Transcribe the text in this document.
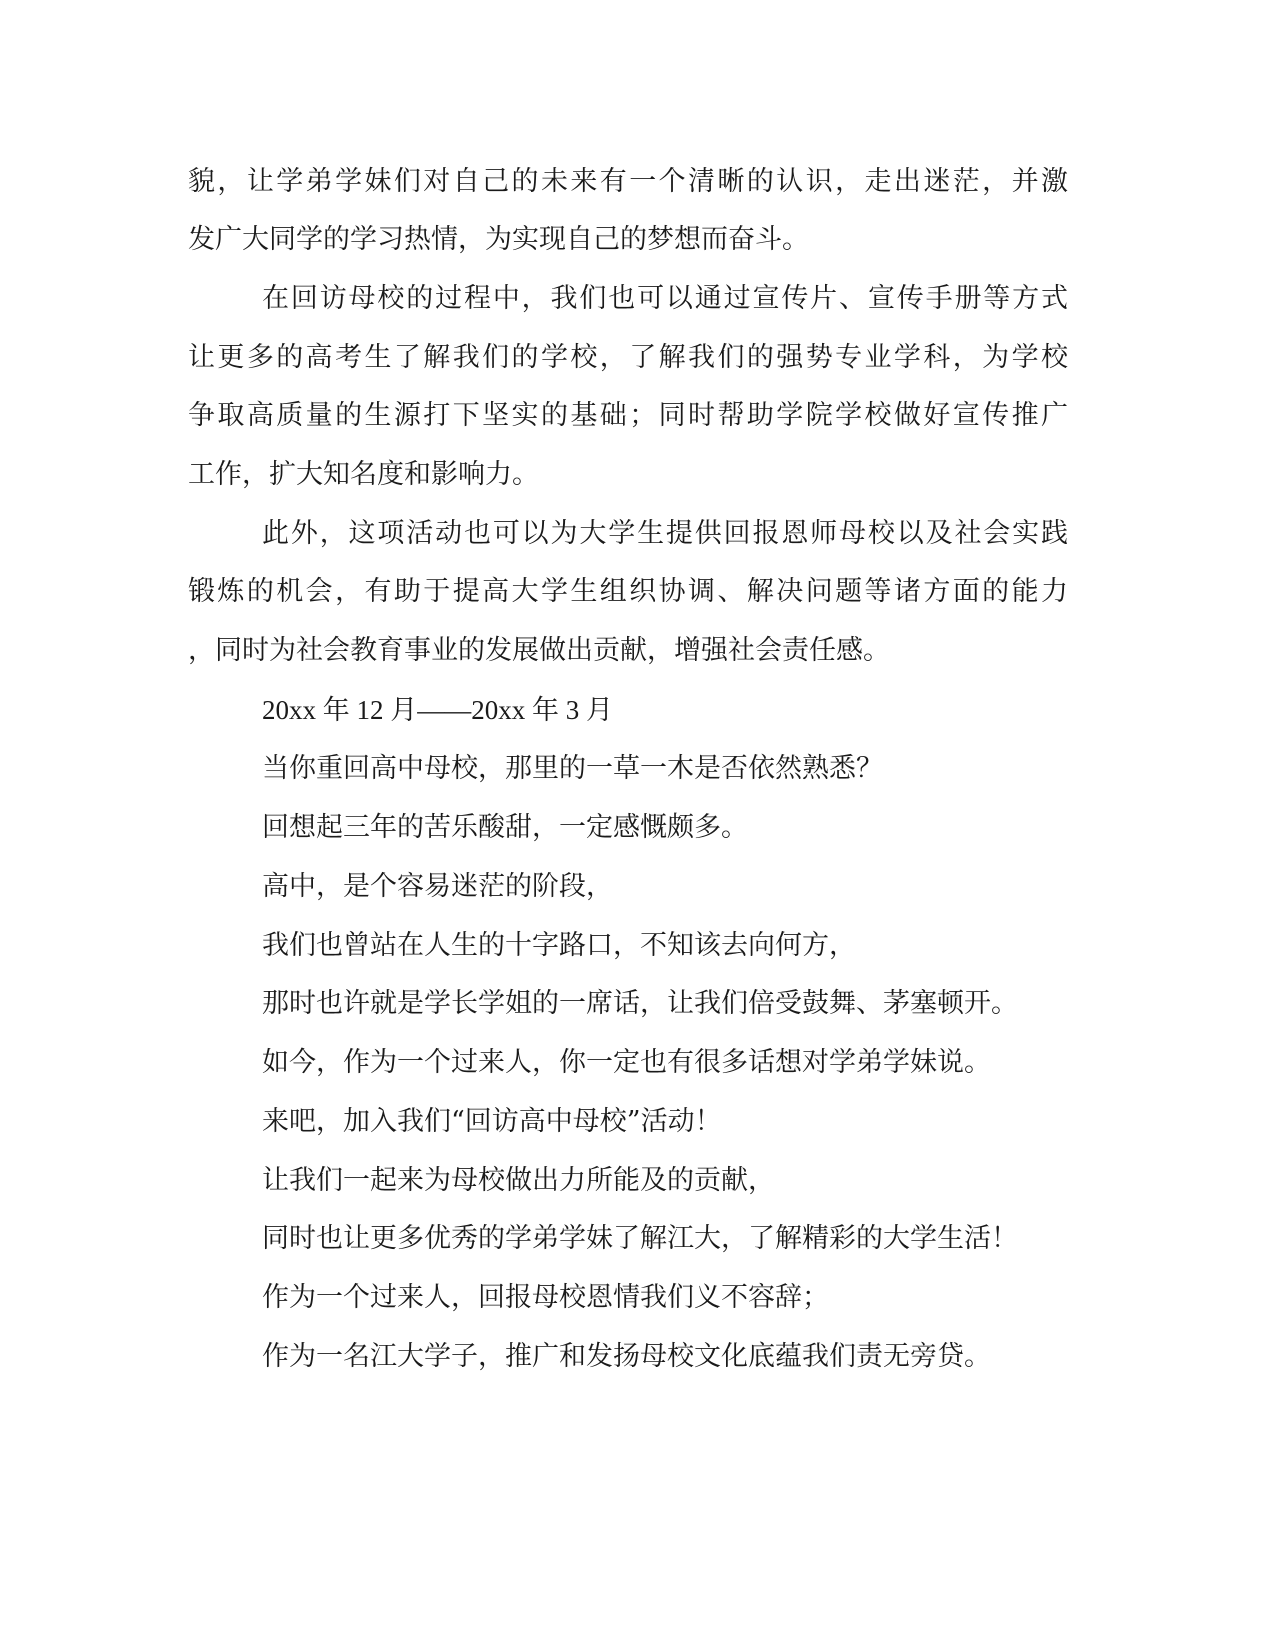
貌，让学弟学妹们对自己的未来有一个清晰的认识，走出迷茫，并激
发广大同学的学习热情，为实现自己的梦想而奋斗。
在回访母校的过程中，我们也可以通过宣传片、宣传手册等方式
让更多的高考生了解我们的学校，了解我们的强势专业学科，为学校
争取高质量的生源打下坚实的基础；同时帮助学院学校做好宣传推广
工作，扩大知名度和影响力。
此外，这项活动也可以为大学生提供回报恩师母校以及社会实践
锻炼的机会，有助于提高大学生组织协调、解决问题等诸方面的能力
，同时为社会教育事业的发展做出贡献，增强社会责任感。
20xx 年 12 月——20xx 年 3 月
当你重回高中母校，那里的一草一木是否依然熟悉？
回想起三年的苦乐酸甜，一定感慨颇多。
高中，是个容易迷茫的阶段，
我们也曾站在人生的十字路口，不知该去向何方，
那时也许就是学长学姐的一席话，让我们倍受鼓舞、茅塞顿开。
如今，作为一个过来人，你一定也有很多话想对学弟学妹说。
来吧，加入我们“回访高中母校”活动！
让我们一起来为母校做出力所能及的贡献，
同时也让更多优秀的学弟学妹了解江大，了解精彩的大学生活！
作为一个过来人，回报母校恩情我们义不容辞；
作为一名江大学子，推广和发扬母校文化底蕴我们责无旁贷。
